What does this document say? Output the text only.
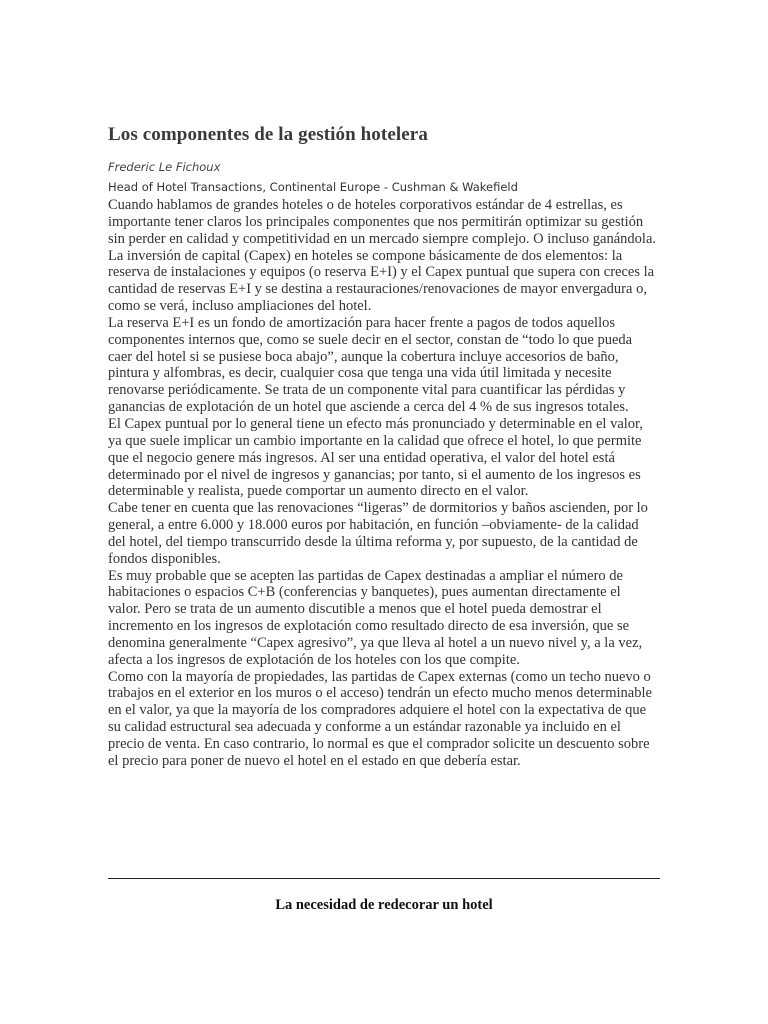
Los componentes de la gestión hotelera
Frederic Le Fichoux
Head of Hotel Transactions, Continental Europe - Cushman & Wakefield

Cuando hablamos de grandes hoteles o de hoteles corporativos estándar de 4 estrellas, es importante tener claros los principales componentes que nos permitirán optimizar su gestión sin perder en calidad y competitividad en un mercado siempre complejo. O incluso ganándola.

La inversión de capital (Capex) en hoteles se compone básicamente de dos elementos: la reserva de instalaciones y equipos (o reserva E+I) y el Capex puntual que supera con creces la cantidad de reservas E+I y se destina a restauraciones/renovaciones de mayor envergadura o, como se verá, incluso ampliaciones del hotel.

La reserva E+I es un fondo de amortización para hacer frente a pagos de todos aquellos componentes internos que, como se suele decir en el sector, constan de “todo lo que pueda caer del hotel si se pusiese boca abajo”, aunque la cobertura incluye accesorios de baño, pintura y alfombras, es decir, cualquier cosa que tenga una vida útil limitada y necesite renovarse periódicamente. Se trata de un componente vital para cuantificar las pérdidas y ganancias de explotación de un hotel que asciende a cerca del 4 % de sus ingresos totales.

El Capex puntual por lo general tiene un efecto más pronunciado y determinable en el valor, ya que suele implicar un cambio importante en la calidad que ofrece el hotel, lo que permite que el negocio genere más ingresos. Al ser una entidad operativa, el valor del hotel está determinado por el nivel de ingresos y ganancias; por tanto, si el aumento de los ingresos es determinable y realista, puede comportar un aumento directo en el valor.

Cabe tener en cuenta que las renovaciones “ligeras” de dormitorios y baños ascienden, por lo general, a entre 6.000 y 18.000 euros por habitación, en función –obviamente- de la calidad del hotel, del tiempo transcurrido desde la última reforma y, por supuesto, de la cantidad de fondos disponibles.

Es muy probable que se acepten las partidas de Capex destinadas a ampliar el número de habitaciones o espacios C+B (conferencias y banquetes), pues aumentan directamente el valor. Pero se trata de un aumento discutible a menos que el hotel pueda demostrar el incremento en los ingresos de explotación como resultado directo de esa inversión, que se denomina generalmente “Capex agresivo”, ya que lleva al hotel a un nuevo nivel y, a la vez, afecta a los ingresos de explotación de los hoteles con los que compite.

Como con la mayoría de propiedades, las partidas de Capex externas (como un techo nuevo o trabajos en el exterior en los muros o el acceso) tendrán un efecto mucho menos determinable en el valor, ya que la mayoría de los compradores adquiere el hotel con la expectativa de que su calidad estructural sea adecuada y conforme a un estándar razonable ya incluido en el precio de venta. En caso contrario, lo normal es que el comprador solicite un descuento sobre el precio para poner de nuevo el hotel en el estado en que debería estar.

La necesidad de redecorar un hotel
